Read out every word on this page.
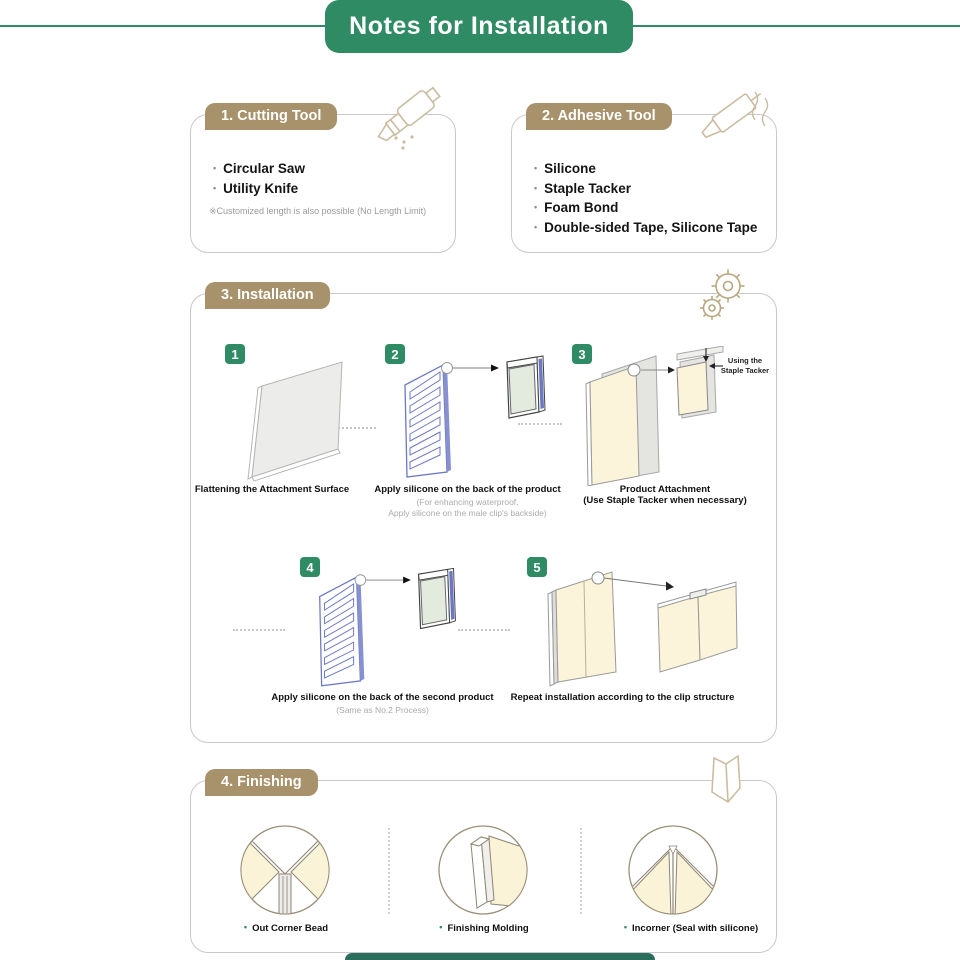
Notes for Installation
1. Cutting Tool
• Circular Saw
• Utility Knife
※Customized length is also possible (No Length Limit)
2. Adhesive Tool
• Silicone
• Staple Tacker
• Foam Bond
• Double-sided Tape, Silicone Tape
3. Installation
1	2	3
4	5
Using the
Staple Tacker
Flattening the Attachment Surface	Apply silicone on the back of the product
(For enhancing waterproof,
Apply silicone on the male clip's backside)
Product Attachment
(Use Staple Tacker when necessary)
Apply silicone on the back of the second product
(Same as No.2 Process)
Repeat installation according to the clip structure
4. Finishing
• Out Corner Bead	• Finishing Molding	• Incorner (Seal with silicone)
